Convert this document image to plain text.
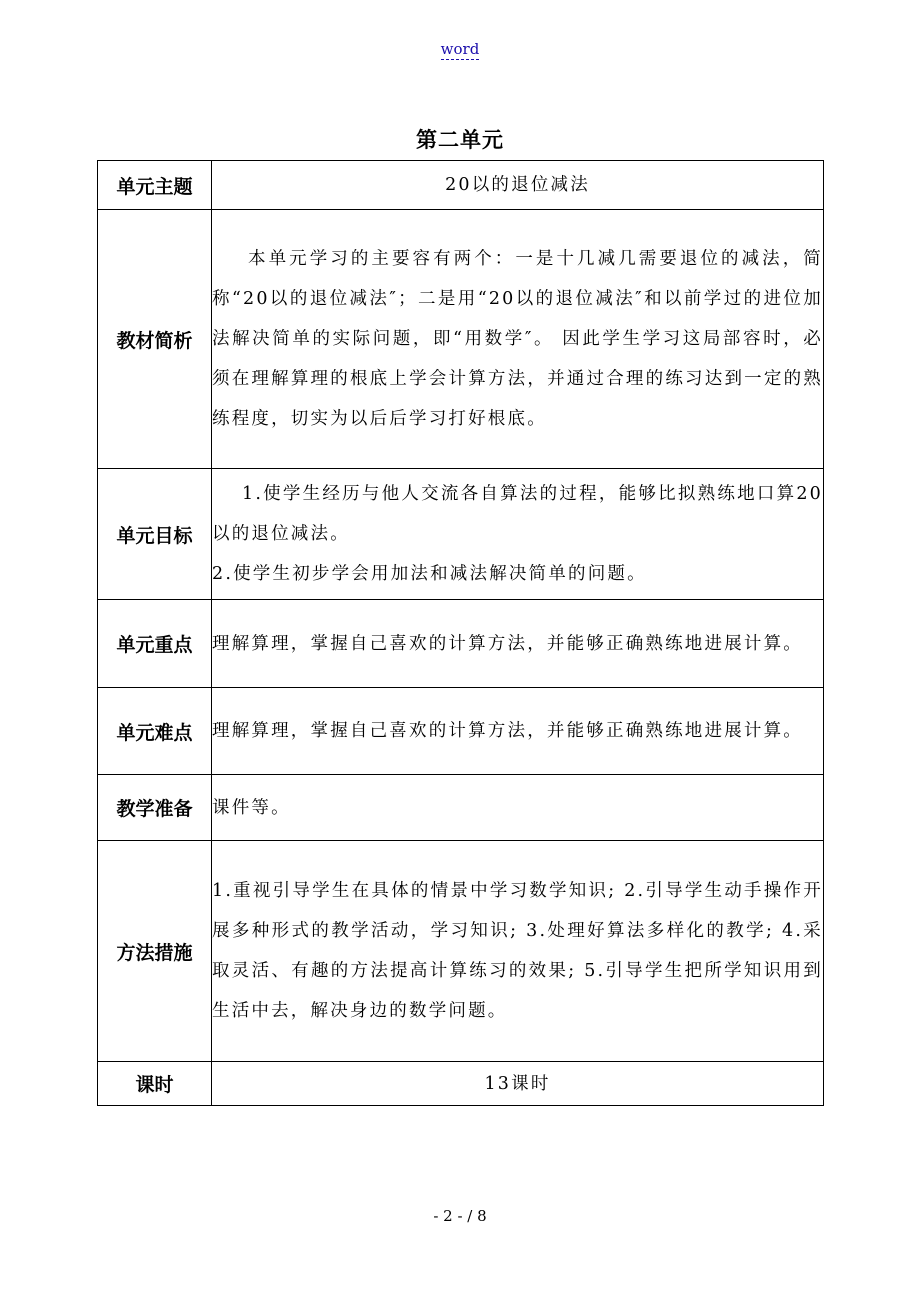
word
第二单元
单元主题	20以的退位减法
教材简析	本单元学习的主要容有两个：一是十几减几需要退位的减法，简称“20以的退位减法″；二是用“20以的退位减法″和以前学过的进位加法解决简单的实际问题，即“用数学″。 因此学生学习这局部容时，必须在理解算理的根底上学会计算方法，并通过合理的练习达到一定的熟练程度，切实为以后后学习打好根底。

单元目标	1.使学生经历与他人交流各自算法的过程，能够比拟熟练地口算20以的退位减法。
2.使学生初步学会用加法和减法解决简单的问题。

单元重点	理解算理，掌握自己喜欢的计算方法，并能够正确熟练地进展计算。
单元难点	理解算理，掌握自己喜欢的计算方法，并能够正确熟练地进展计算。
教学准备	课件等。
方法措施	1.重视引导学生在具体的情景中学习数学知识; 2.引导学生动手操作开展多种形式的教学活动，学习知识; 3.处理好算法多样化的教学; 4.采取灵活、有趣的方法提高计算练习的效果; 5.引导学生把所学知识用到生活中去，解决身边的数学问题。
课时	13课时
- 2 - / 8
